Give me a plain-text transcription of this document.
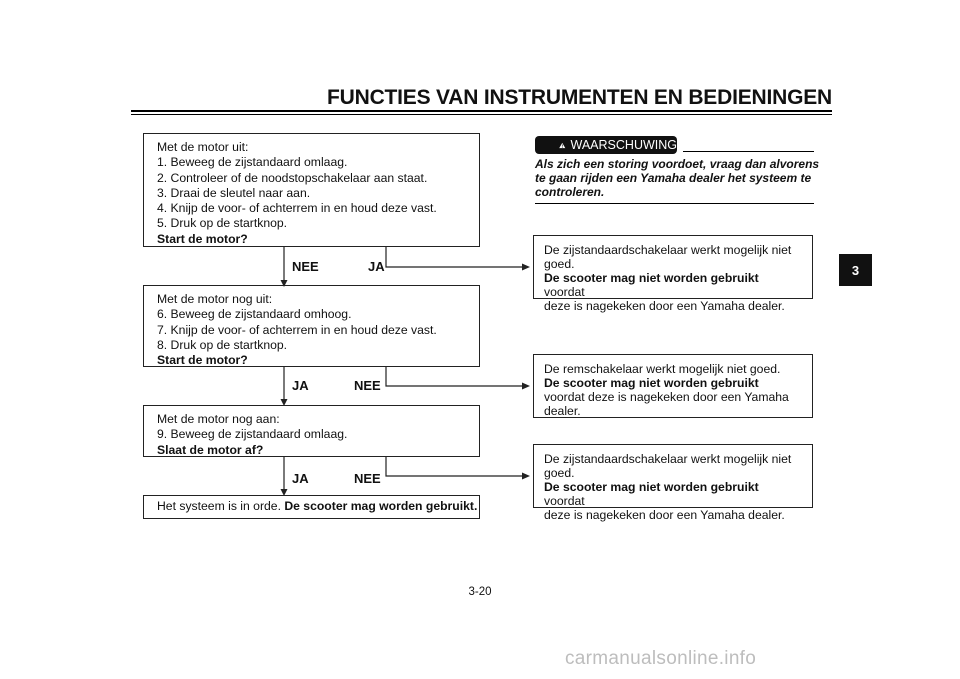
FUNCTIES VAN INSTRUMENTEN EN BEDIENINGEN
3
Met de motor uit:
1. Beweeg de zijstandaard omlaag.
2. Controleer of de noodstopschakelaar aan staat.
3. Draai de sleutel naar aan.
4. Knijp de voor- of achterrem in en houd deze vast.
5. Druk op de startknop.
Start de motor?
NEE	JA
Met de motor nog uit:
6. Beweeg de zijstandaard omhoog.
7. Knijp de voor- of achterrem in en houd deze vast.
8. Druk op de startknop.
Start de motor?
JA	NEE
Met de motor nog aan:
9. Beweeg de zijstandaard omlaag.
Slaat de motor af?
JA	NEE
Het systeem is in orde. De scooter mag worden gebruikt.
WAARSCHUWING
Als zich een storing voordoet, vraag dan alvorens te gaan rijden een Yamaha dealer het systeem te controleren.
De zijstandaardschakelaar werkt mogelijk niet
goed.
De scooter mag niet worden gebruikt voordat
deze is nagekeken door een Yamaha dealer.
De remschakelaar werkt mogelijk niet goed.
De scooter mag niet worden gebruikt
voordat deze is nagekeken door een Yamaha
dealer.
De zijstandaardschakelaar werkt mogelijk niet
goed.
De scooter mag niet worden gebruikt voordat
deze is nagekeken door een Yamaha dealer.
3-20
carmanualsonline.info
